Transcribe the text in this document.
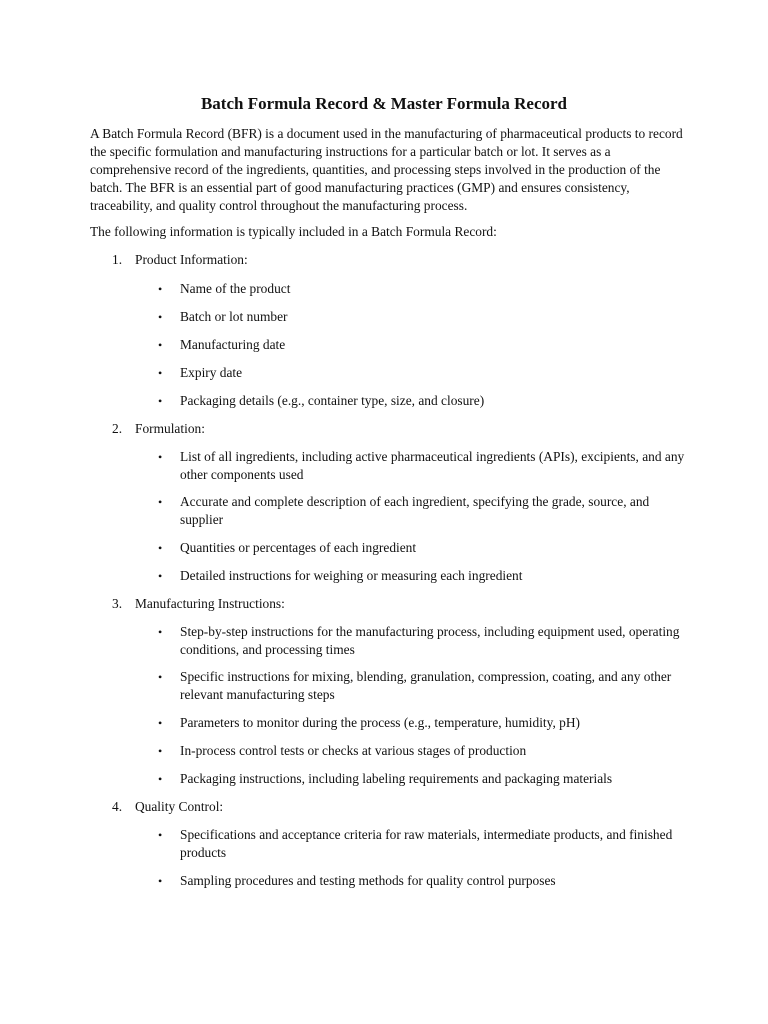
Batch Formula Record & Master Formula Record

A Batch Formula Record (BFR) is a document used in the manufacturing of pharmaceutical products to record the specific formulation and manufacturing instructions for a particular batch or lot. It serves as a comprehensive record of the ingredients, quantities, and processing steps involved in the production of the batch. The BFR is an essential part of good manufacturing practices (GMP) and ensures consistency, traceability, and quality control throughout the manufacturing process.

The following information is typically included in a Batch Formula Record:

1. Product Information:
•	Name of the product
•	Batch or lot number
•	Manufacturing date
•	Expiry date
•	Packaging details (e.g., container type, size, and closure)
2. Formulation:
•	List of all ingredients, including active pharmaceutical ingredients (APIs), excipients, and any other components used
•	Accurate and complete description of each ingredient, specifying the grade, source, and supplier
•	Quantities or percentages of each ingredient
•	Detailed instructions for weighing or measuring each ingredient
3. Manufacturing Instructions:
•	Step-by-step instructions for the manufacturing process, including equipment used, operating conditions, and processing times
•	Specific instructions for mixing, blending, granulation, compression, coating, and any other relevant manufacturing steps
•	Parameters to monitor during the process (e.g., temperature, humidity, pH)
•	In-process control tests or checks at various stages of production
•	Packaging instructions, including labeling requirements and packaging materials
4. Quality Control:
•	Specifications and acceptance criteria for raw materials, intermediate products, and finished products
•	Sampling procedures and testing methods for quality control purposes
